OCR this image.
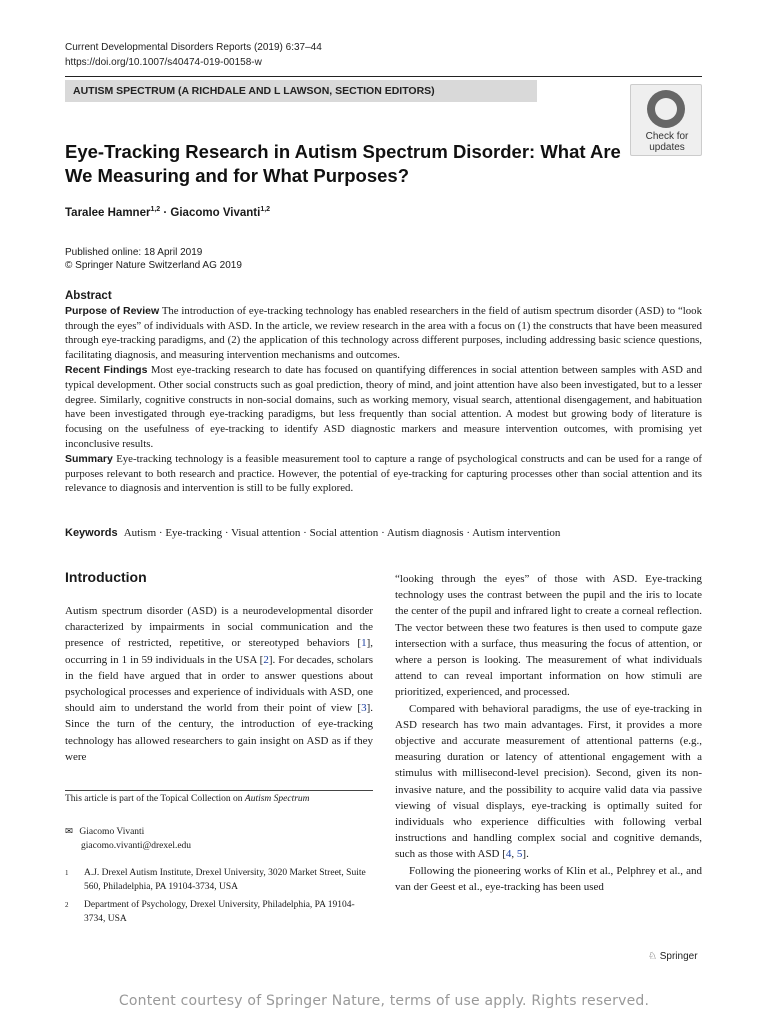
Current Developmental Disorders Reports (2019) 6:37–44
https://doi.org/10.1007/s40474-019-00158-w
AUTISM SPECTRUM (A RICHDALE AND L LAWSON, SECTION EDITORS)
Check for
updates
Eye-Tracking Research in Autism Spectrum Disorder: What Are We Measuring and for What Purposes?
Taralee Hamner$^{1,2}$ · Giacomo Vivanti$^{1,2}$
Published online: 18 April 2019
© Springer Nature Switzerland AG 2019
Abstract

Purpose of Review The introduction of eye-tracking technology has enabled researchers in the field of autism spectrum disorder (ASD) to “look through the eyes” of individuals with ASD. In the article, we review research in the area with a focus on (1) the constructs that have been measured through eye-tracking paradigms, and (2) the application of this technology across different purposes, including addressing basic science questions, facilitating diagnosis, and measuring intervention mechanisms and outcomes.

Recent Findings Most eye-tracking research to date has focused on quantifying differences in social attention between samples with ASD and typical development. Other social constructs such as goal prediction, theory of mind, and joint attention have also been investigated, but to a lesser degree. Similarly, cognitive constructs in non-social domains, such as working memory, visual search, attentional disengagement, and habituation have been investigated through eye-tracking paradigms, but less frequently than social attention. A modest but growing body of literature is focusing on the usefulness of eye-tracking to identify ASD diagnostic markers and measure intervention outcomes, with promising yet inconclusive results.

Summary Eye-tracking technology is a feasible measurement tool to capture a range of psychological constructs and can be used for a range of purposes relevant to both research and practice. However, the potential of eye-tracking for capturing processes other than social attention and its relevance to diagnosis and intervention is still to be fully explored.

Keywords Autism · Eye-tracking · Visual attention · Social attention · Autism diagnosis · Autism intervention
Introduction

Autism spectrum disorder (ASD) is a neurodevelopmental disorder characterized by impairments in social communication and the presence of restricted, repetitive, or stereotyped behaviors [1], occurring in 1 in 59 individuals in the USA [2]. For decades, scholars in the field have argued that in order to answer questions about psychological processes and experience of individuals with ASD, one should aim to understand the world from their point of view [3]. Since the turn of the century, the introduction of eye-tracking technology has allowed researchers to gain insight on ASD as if they were

This article is part of the Topical Collection on Autism Spectrum
✉ Giacomo Vivanti
giacomo.vivanti@drexel.edu
1 A.J. Drexel Autism Institute, Drexel University, 3020 Market Street, Suite 560, Philadelphia, PA 19104-3734, USA
2 Department of Psychology, Drexel University, Philadelphia, PA 19104-3734, USA

“looking through the eyes” of those with ASD. Eye-tracking technology uses the contrast between the pupil and the iris to locate the center of the pupil and infrared light to create a corneal reflection. The vector between these two features is then used to compute gaze intersection with a surface, thus measuring the focus of attention, or where a person is looking. The measurement of what individuals attend to can reveal important information on how stimuli are prioritized, experienced, and processed.

Compared with behavioral paradigms, the use of eye-tracking in ASD research has two main advantages. First, it provides a more objective and accurate measurement of attentional patterns (e.g., measuring duration or latency of attentional engagement with a stimulus with millisecond-level precision). Second, given its non-invasive nature, and the possibility to acquire valid data via passive viewing of visual displays, eye-tracking is optimally suited for individuals who experience difficulties with following verbal instructions and handling complex social and cognitive demands, such as those with ASD [4, 5].

Following the pioneering works of Klin et al., Pelphrey et al., and van der Geest et al., eye-tracking has been used

♘ Springer
Content courtesy of Springer Nature, terms of use apply. Rights reserved.
